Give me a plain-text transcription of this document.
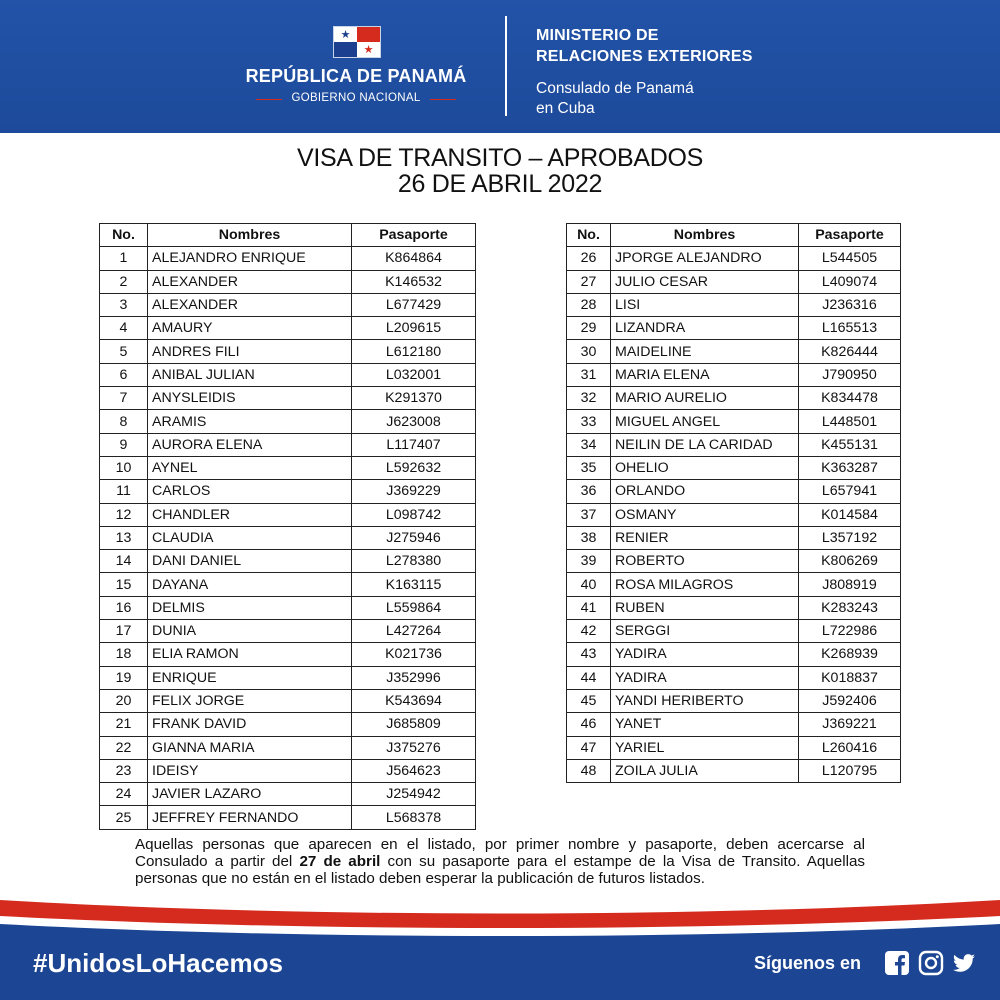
★
★
REPÚBLICA DE PANAMÁ
GOBIERNO NACIONAL
MINISTERIO DE
RELACIONES EXTERIORES
Consulado de Panamá
en Cuba
VISA DE TRANSITO – APROBADOS
26 DE ABRIL 2022
No.	Nombres	Pasaporte
1	ALEJANDRO ENRIQUE	K864864
2	ALEXANDER	K146532
3	ALEXANDER	L677429
4	AMAURY	L209615
5	ANDRES FILI	L612180
6	ANIBAL JULIAN	L032001
7	ANYSLEIDIS	K291370
8	ARAMIS	J623008
9	AURORA ELENA	L117407
10	AYNEL	L592632
11	CARLOS	J369229
12	CHANDLER	L098742
13	CLAUDIA	J275946
14	DANI DANIEL	L278380
15	DAYANA	K163115
16	DELMIS	L559864
17	DUNIA	L427264
18	ELIA RAMON	K021736
19	ENRIQUE	J352996
20	FELIX JORGE	K543694
21	FRANK DAVID	J685809
22	GIANNA MARIA	J375276
23	IDEISY	J564623
24	JAVIER LAZARO	J254942
25	JEFFREY FERNANDO	L568378
No.	Nombres	Pasaporte
26	JPORGE ALEJANDRO	L544505
27	JULIO CESAR	L409074
28	LISI	J236316
29	LIZANDRA	L165513
30	MAIDELINE	K826444
31	MARIA ELENA	J790950
32	MARIO AURELIO	K834478
33	MIGUEL ANGEL	L448501
34	NEILIN DE LA CARIDAD	K455131
35	OHELIO	K363287
36	ORLANDO	L657941
37	OSMANY	K014584
38	RENIER	L357192
39	ROBERTO	K806269
40	ROSA MILAGROS	J808919
41	RUBEN	K283243
42	SERGGI	L722986
43	YADIRA	K268939
44	YADIRA	K018837
45	YANDI HERIBERTO	J592406
46	YANET	J369221
47	YARIEL	L260416
48	ZOILA JULIA	L120795
Aquellas personas que aparecen en el listado, por primer nombre y pasaporte, deben acercarse al Consulado a partir del 27 de abril con su pasaporte para el estampe de la Visa de Transito. Aquellas personas que no están en el listado deben esperar la publicación de futuros listados.
#UnidosLoHacemos	Síguenos en
